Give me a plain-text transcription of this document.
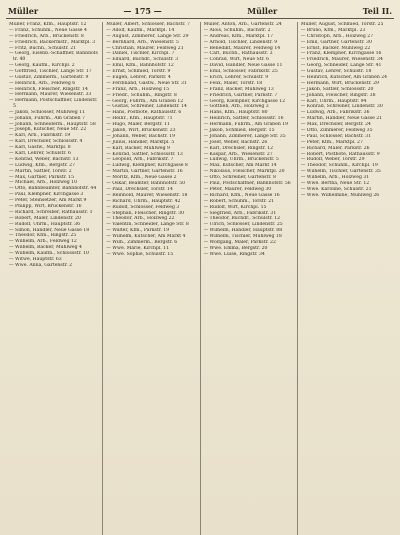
Müller	— 175 —	Müller	Teil II.

Müller, Franz, Kfm., Hauptstr. 12

— Franz, Schuhm., Neue Gasse 4

— Friedrich, Arb., Brückenstr. 8

— Friedrich, Bäckermstr., Marktpl. 3

— Fritz, Buchh., Schulstr. 21

— Georg, Eisenb.-Schaffner, Bahnhofstr. 40

— Georg, Kaufm., Kirchpl. 2

— Gottfried, Tischler, Lange Str. 17

— Gustav, Zimmerm., Gartenstr. 9

— Heinrich, Arb., Feldweg 6

— Heinrich, Fleischer, Ringstr. 14

— Hermann, Maurer, Wiesenstr. 33

— Hermann, Postschaffner, Lindenstr. 5

— Jakob, Schlosser, Mühlweg 11

— Johann, Fuhrm., Am Graben 7

— Johann, Schneiderm., Hauptstr. 58

— Joseph, Kutscher, Neue Str. 22

— Karl, Arb., Fabrikstr. 19

— Karl, Drechsler, Schlossstr. 4

— Karl, Gastw., Marktpl. 8

— Karl, Lehrer, Schulstr. 6

— Konrad, Weber, Bachstr. 13

— Ludwig, Kfm., Bergstr. 27

— Martin, Sattler, Torstr. 2

— Max, Gärtner, Parkstr. 15

— Michael, Arb., Holzweg 10

— Otto, Bahnbeamter, Bahnhofstr. 44

— Paul, Klempner, Kirchgasse 3

— Peter, Steinsetzer, Am Markt 9

— Philipp, Wirt, Brückenstr. 16

— Richard, Schreiber, Rathausstr. 1

— Robert, Maler, Lindenstr. 20

— Rudolf, Uhrm., Hauptstr. 36

— Simon, Händler, Neue Gasse 18

— Theodor, Kfm., Ringstr. 25

— Wilhelm, Arb., Feldweg 12

— Wilhelm, Bäcker, Mühlweg 4

— Wilhelm, Kaufm., Schlossstr. 10

— Witwe, Hauptstr. 63

— Wwe. Anna, Gartenstr. 2

Müller, Albert, Schlosser, Bachstr. 7

— Adolf, Kaufm., Marktpl. 14

— August, Zimmerer, Lange Str. 29

— Bernhard, Arb., Wiesenstr. 5

— Christian, Maurer, Feldweg 21

— Daniel, Tischler, Kirchpl. 7

— Eduard, Buchdr., Schulstr. 3

— Emil, Kfm., Bahnhofstr. 12

— Ernst, Schmied, Torstr. 9

— Eugen, Lehrer, Parkstr. 4

— Ferdinand, Gastw., Neue Str. 31

— Franz, Arb., Holzweg 15

— Friedr., Schuhm., Ringstr. 8

— Georg, Fuhrm., Am Graben 12

— Gustav, Schreiner, Lindenstr. 14

— Hans, Postbote, Rathausstr. 6

— Heinr., Kfm., Hauptstr. 71

— Hugo, Maler, Bergstr. 11

— Jakob, Wirt, Brückenstr. 23

— Johann, Weber, Bachstr. 19

— Julius, Händler, Marktpl. 5

— Karl, Bäcker, Mühlweg 9

— Konrad, Sattler, Schlossstr. 13

— Leopold, Arb., Fabrikstr. 7

— Ludwig, Klempner, Kirchgasse 8

— Martin, Gärtner, Gartenstr. 16

— Moritz, Kfm., Neue Gasse 2

— Oskar, Beamter, Bahnhofstr. 50

— Paul, Drechsler, Torstr. 14

— Reinhold, Maurer, Wiesenstr. 18

— Richard, Uhrm., Hauptstr. 42

— Rudolf, Schlosser, Feldweg 3

— Stephan, Fleischer, Ringstr. 30

— Theodor, Arb., Holzweg 22

— Valentin, Schneider, Lange Str. 8

— Walter, Kfm., Parkstr. 19

— Wilhelm, Kutscher, Am Markt 4

— Wilh., Zimmerm., Bergstr. 6

— Wwe. Marie, Kirchpl. 11

— Wwe. Sophie, Schulstr. 15

Müller, Anton, Arb., Gartenstr. 24

— Alois, Schuhm., Bachstr. 2

— Andreas, Kfm., Marktpl. 17

— Arnold, Tischler, Lindenstr. 9

— Benedikt, Maurer, Feldweg 14

— Carl, Buchh., Rathausstr. 3

— Conrad, Wirt, Neue Str. 6

— David, Händler, Neue Gasse 11

— Emil, Schlosser, Fabrikstr. 25

— Erich, Lehrer, Schulstr. 9

— Felix, Maler, Torstr. 18

— Franz, Bäcker, Mühlweg 13

— Friedrich, Gärtner, Parkstr. 7

— Georg, Klempner, Kirchgasse 12

— Gottlieb, Arb., Holzweg 3

— Hans, Kfm., Hauptstr. 80

— Heinrich, Sattler, Schlossstr. 16

— Hermann, Fuhrm., Am Graben 19

— Jakob, Schmied, Bergstr. 15

— Johann, Zimmerer, Lange Str. 35

— Josef, Weber, Bachstr. 26

— Karl, Drechsler, Ringstr. 12

— Kaspar, Arb., Wiesenstr. 27

— Ludwig, Uhrm., Brückenstr. 5

— Max, Kutscher, Am Markt 14

— Nikolaus, Fleischer, Marktpl. 20

— Otto, Schreiner, Gartenstr. 8

— Paul, Postschaffner, Bahnhofstr. 56

— Peter, Maurer, Feldweg 30

— Richard, Kfm., Neue Gasse 16

— Robert, Schuhm., Torstr. 21

— Rudolf, Wirt, Kirchpl. 15

— Siegfried, Arb., Fabrikstr. 31

— Theodor, Buchdr., Schulstr. 12

— Ulrich, Schlosser, Lindenstr. 25

— Wilhelm, Händler, Hauptstr. 88

— Wilhelm, Tischler, Mühlweg 18

— Wolfgang, Maler, Parkstr. 22

— Wwe. Emma, Bergstr. 20

— Wwe. Luise, Ringstr. 34

Müller, August, Schmied, Torstr. 25

— Bruno, Kfm., Marktpl. 23

— Christoph, Arb., Holzweg 27

— Emil, Gärtner, Gartenstr. 30

— Ernst, Bäcker, Mühlweg 22

— Franz, Klempner, Kirchgasse 16

— Friedrich, Maurer, Wiesenstr. 34

— Georg, Schneider, Lange Str. 41

— Gustav, Lehrer, Schulstr. 18

— Heinrich, Kutscher, Am Graben 24

— Hermann, Wirt, Brückenstr. 29

— Jakob, Sattler, Schlossstr. 20

— Johann, Fleischer, Ringstr. 38

— Karl, Uhrm., Hauptstr. 94

— Konrad, Schreiner, Lindenstr. 30

— Ludwig, Arb., Fabrikstr. 36

— Martin, Händler, Neue Gasse 21

— Max, Drechsler, Bergstr. 24

— Otto, Zimmerer, Feldweg 35

— Paul, Schlosser, Bachstr. 31

— Peter, Kfm., Marktpl. 27

— Richard, Maler, Parkstr. 26

— Robert, Postbote, Rathausstr. 9

— Rudolf, Weber, Torstr. 29

— Theodor, Schuhm., Kirchpl. 19

— Wilhelm, Tischler, Gartenstr. 35

— Wilhelm, Arb., Holzweg 31

— Wwe. Bertha, Neue Str. 12

— Wwe. Karoline, Schulstr. 21

— Wwe. Wilhelmine, Mühlweg 26
